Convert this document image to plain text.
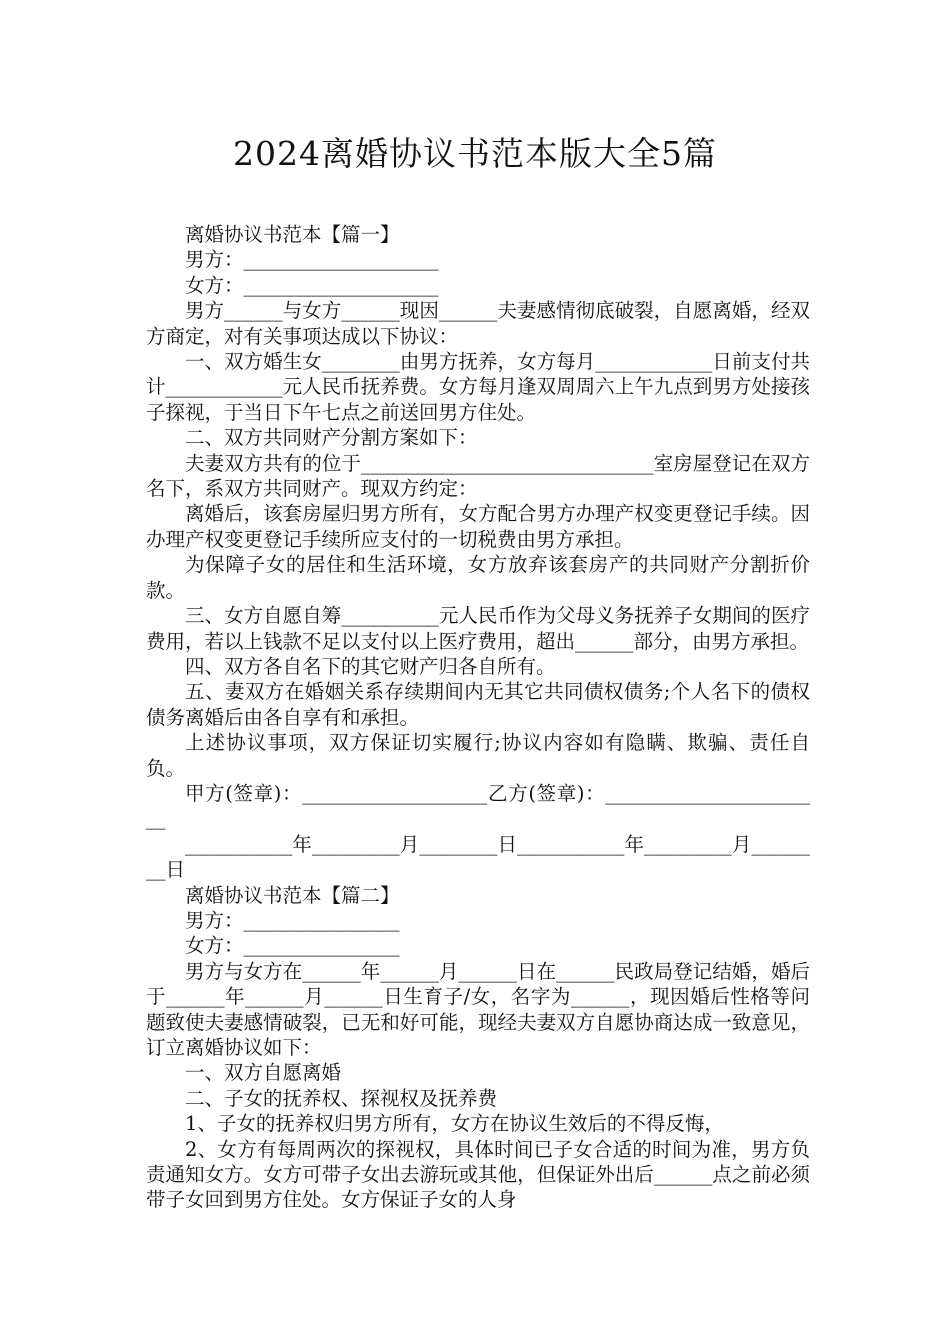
2024离婚协议书范本版大全5篇

离婚协议书范本【篇一】

男方：____________________

女方：____________________

男方______与女方______现因______夫妻感情彻底破裂，自愿离婚，经双方商定，对有关事项达成以下协议：

一、双方婚生女________由男方抚养，女方每月____________日前支付共计____________元人民币抚养费。女方每月逢双周周六上午九点到男方处接孩子探视，于当日下午七点之前送回男方住处。

二、双方共同财产分割方案如下：

夫妻双方共有的位于______________________________室房屋登记在双方名下，系双方共同财产。现双方约定：

离婚后，该套房屋归男方所有，女方配合男方办理产权变更登记手续。因办理产权变更登记手续所应支付的一切税费由男方承担。

为保障子女的居住和生活环境，女方放弃该套房产的共同财产分割折价款。

三、女方自愿自筹__________元人民币作为父母义务抚养子女期间的医疗费用，若以上钱款不足以支付以上医疗费用，超出______部分，由男方承担。

四、双方各自名下的其它财产归各自所有。

五、妻双方在婚姻关系存续期间内无其它共同债权债务;个人名下的债权债务离婚后由各自享有和承担。

上述协议事项，双方保证切实履行;协议内容如有隐瞒、欺骗、责任自负。

甲方(签章)：___________________乙方(签章)：_______________________

___________年_________月________日___________年_________月________日

离婚协议书范本【篇二】

男方：________________

女方：________________

男方与女方在______年______月______日在______民政局登记结婚，婚后于______年______月______日生育子/女，名字为______，现因婚后性格等问题致使夫妻感情破裂，已无和好可能，现经夫妻双方自愿协商达成一致意见，订立离婚协议如下：

一、双方自愿离婚

二、子女的抚养权、探视权及抚养费

1、子女的抚养权归男方所有，女方在协议生效后的不得反悔，

2、女方有每周两次的探视权，具体时间已子女合适的时间为准，男方负责通知女方。女方可带子女出去游玩或其他，但保证外出后______点之前必须带子女回到男方住处。女方保证子女的人身
